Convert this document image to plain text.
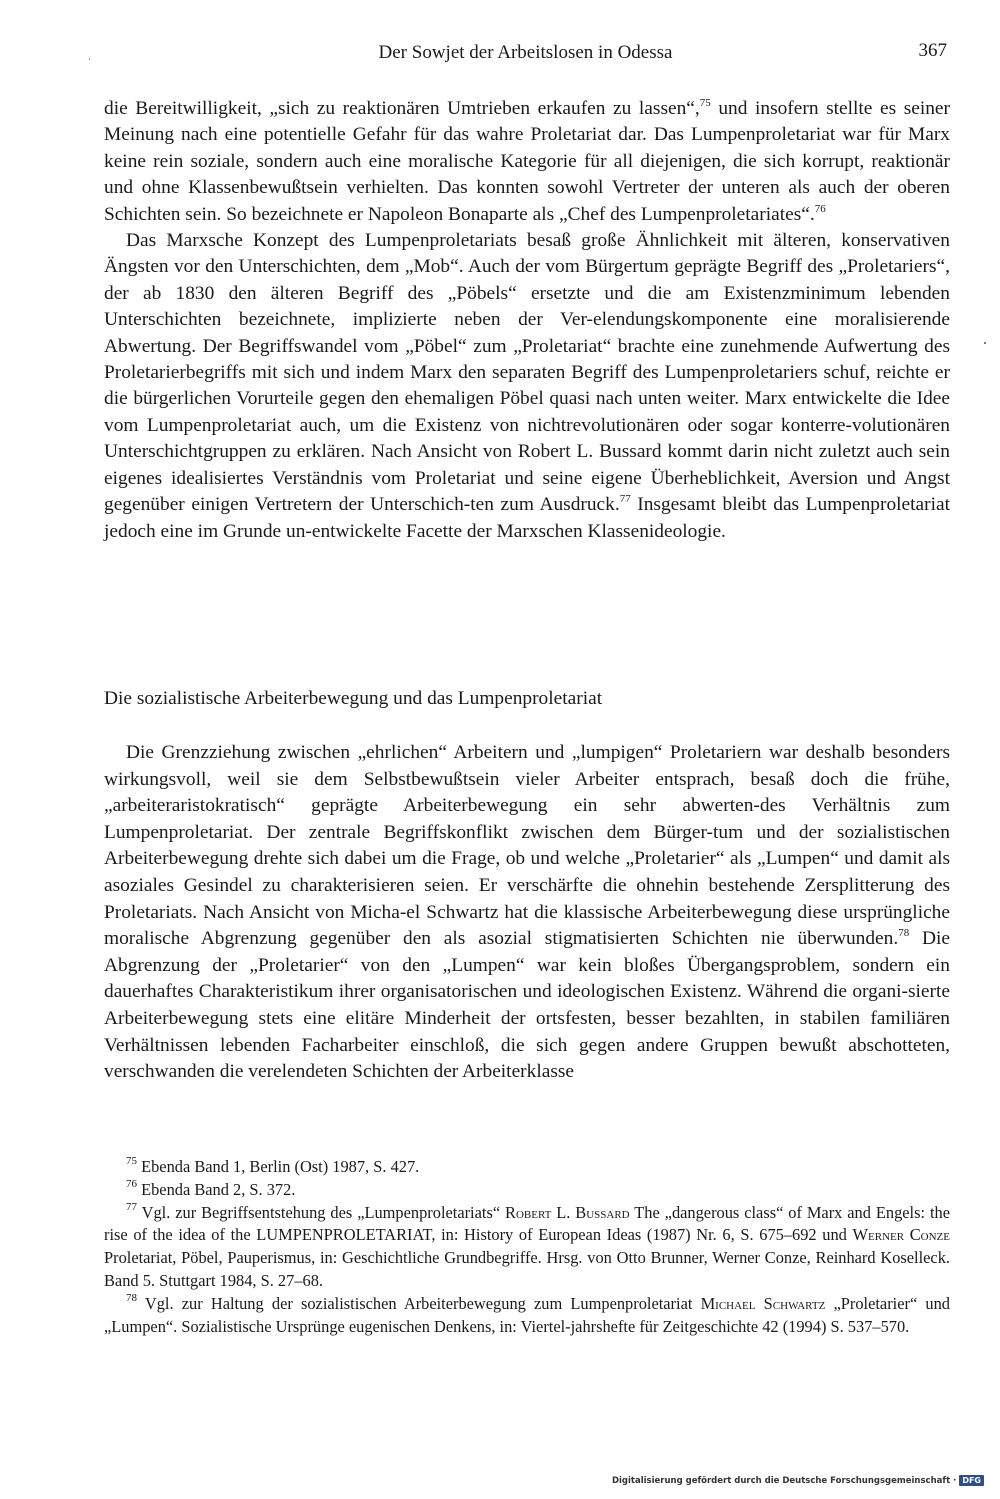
Der Sowjet der Arbeitslosen in Odessa	367

die Bereitwilligkeit, „sich zu reaktionären Umtrieben erkaufen zu lassen“,$^{75}$ und insofern stellte es seiner Meinung nach eine potentielle Gefahr für das wahre Proletariat dar. Das Lumpenproletariat war für Marx keine rein soziale, sondern auch eine moralische Kategorie für all diejenigen, die sich korrupt, reaktionär und ohne Klassenbewußtsein verhielten. Das konnten sowohl Vertreter der unteren als auch der oberen Schichten sein. So bezeichnete er Napoleon Bonaparte als „Chef des Lumpenproletariates“.$^{76}$

Das Marxsche Konzept des Lumpenproletariats besaß große Ähnlichkeit mit älteren, konservativen Ängsten vor den Unterschichten, dem „Mob“. Auch der vom Bürgertum geprägte Begriff des „Proletariers“, der ab 1830 den älteren Begriff des „Pöbels“ ersetzte und die am Existenzminimum lebenden Unterschichten bezeichnete, implizierte neben der Ver-elendungskomponente eine moralisierende Abwertung. Der Begriffswandel vom „Pöbel“ zum „Proletariat“ brachte eine zunehmende Aufwertung des Proletarierbegriffs mit sich und indem Marx den separaten Begriff des Lumpenproletariers schuf, reichte er die bürgerlichen Vorurteile gegen den ehemaligen Pöbel quasi nach unten weiter. Marx entwickelte die Idee vom Lumpenproletariat auch, um die Existenz von nichtrevolutionären oder sogar konterre-volutionären Unterschichtgruppen zu erklären. Nach Ansicht von Robert L. Bussard kommt darin nicht zuletzt auch sein eigenes idealisiertes Verständnis vom Proletariat und seine eigene Überheblichkeit, Aversion und Angst gegenüber einigen Vertretern der Unterschich-ten zum Ausdruck.$^{77}$ Insgesamt bleibt das Lumpenproletariat jedoch eine im Grunde un-entwickelte Facette der Marxschen Klassenideologie.

Die sozialistische Arbeiterbewegung und das Lumpenproletariat

Die Grenzziehung zwischen „ehrlichen“ Arbeitern und „lumpigen“ Proletariern war deshalb besonders wirkungsvoll, weil sie dem Selbstbewußtsein vieler Arbeiter entsprach, besaß doch die frühe, „arbeiteraristokratisch“ geprägte Arbeiterbewegung ein sehr abwerten-des Verhältnis zum Lumpenproletariat. Der zentrale Begriffskonflikt zwischen dem Bürger-tum und der sozialistischen Arbeiterbewegung drehte sich dabei um die Frage, ob und welche „Proletarier“ als „Lumpen“ und damit als asoziales Gesindel zu charakterisieren seien. Er verschärfte die ohnehin bestehende Zersplitterung des Proletariats. Nach Ansicht von Micha-el Schwartz hat die klassische Arbeiterbewegung diese ursprüngliche moralische Abgrenzung gegenüber den als asozial stigmatisierten Schichten nie überwunden.$^{78}$ Die Abgrenzung der „Proletarier“ von den „Lumpen“ war kein bloßes Übergangsproblem, sondern ein dauerhaftes Charakteristikum ihrer organisatorischen und ideologischen Existenz. Während die organi-sierte Arbeiterbewegung stets eine elitäre Minderheit der ortsfesten, besser bezahlten, in stabilen familiären Verhältnissen lebenden Facharbeiter einschloß, die sich gegen andere Gruppen bewußt abschotteten, verschwanden die verelendeten Schichten der Arbeiterklasse

$^{75}$ Ebenda Band 1, Berlin (Ost) 1987, S. 427.

$^{76}$ Ebenda Band 2, S. 372.

$^{77}$ Vgl. zur Begriffsentstehung des „Lumpenproletariats“ Robert L. Bussard The „dangerous class“ of Marx and Engels: the rise of the idea of the LUMPENPROLETARIAT, in: History of European Ideas (1987) Nr. 6, S. 675–692 und Werner Conze Proletariat, Pöbel, Pauperismus, in: Geschichtliche Grundbegriffe. Hrsg. von Otto Brunner, Werner Conze, Reinhard Koselleck. Band 5. Stuttgart 1984, S. 27–68.

$^{78}$ Vgl. zur Haltung der sozialistischen Arbeiterbewegung zum Lumpenproletariat Michael Schwartz „Proletarier“ und „Lumpen“. Sozialistische Ursprünge eugenischen Denkens, in: Viertel-jahrshefte für Zeitgeschichte 42 (1994) S. 537–570.

Digitalisierung gefördert durch die Deutsche Forschungsgemeinschaft · DFG
